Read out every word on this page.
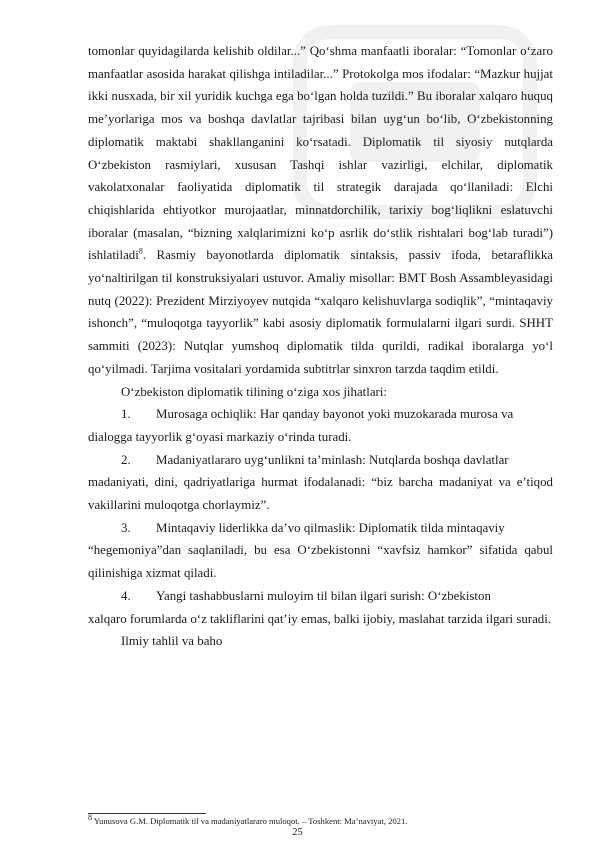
tomonlar quyidagilarda kelishib oldilar...” Qo‘shma manfaatli iboralar: “Tomonlar o‘zaro manfaatlar asosida harakat qilishga intiladilar...” Protokolga mos ifodalar: “Mazkur hujjat ikki nusxada, bir xil yuridik kuchga ega bo‘lgan holda tuzildi.” Bu iboralar xalqaro huquq me’yorlariga mos va boshqa davlatlar tajribasi bilan uyg‘un bo‘lib, O‘zbekistonning diplomatik maktabi shakllanganini ko‘rsatadi. Diplomatik til siyosiy nutqlarda O‘zbekiston rasmiylari, xususan Tashqi ishlar vazirligi, elchilar, diplomatik vakolatxonalar faoliyatida diplomatik til strategik darajada qo‘llaniladi: Elchi chiqishlarida ehtiyotkor murojaatlar, minnatdorchilik, tarixiy bog‘liqlikni eslatuvchi iboralar (masalan, “bizning xalqlarimizni ko‘p asrlik do‘stlik rishtalari bog‘lab turadi”) ishlatiladi$^8$. Rasmiy bayonotlarda diplomatik sintaksis, passiv ifoda, betaraflikka yo‘naltirilgan til konstruksiyalari ustuvor. Amaliy misollar: BMT Bosh Assambleyasidagi nutq (2022): Prezident Mirziyoyev nutqida “xalqaro kelishuvlarga sodiqlik”, “mintaqaviy ishonch”, “muloqotga tayyorlik” kabi asosiy diplomatik formulalarni ilgari surdi. SHHT sammiti (2023): Nutqlar yumshoq diplomatik tilda qurildi, radikal iboralarga yo‘l qo‘yilmadi. Tarjima vositalari yordamida subtitrlar sinxron tarzda taqdim etildi.

O‘zbekiston diplomatik tilining o‘ziga xos jihatlari:

1.	Murosaga ochiqlik: Har qanday bayonot yoki muzokarada murosa va

dialogga tayyorlik g‘oyasi markaziy o‘rinda turadi.

2.	Madaniyatlararo uyg‘unlikni ta’minlash: Nutqlarda boshqa davlatlar

madaniyati, dini, qadriyatlariga hurmat ifodalanadi: “biz barcha madaniyat va e’tiqod vakillarini muloqotga chorlaymiz”.

3.	Mintaqaviy liderlikka da’vo qilmaslik: Diplomatik tilda mintaqaviy

“hegemoniya”dan saqlaniladi, bu esa O‘zbekistonni “xavfsiz hamkor” sifatida qabul qilinishiga xizmat qiladi.

4.	Yangi tashabbuslarni muloyim til bilan ilgari surish: O‘zbekiston

xalqaro forumlarda o‘z takliflarini qat’iy emas, balki ijobiy, maslahat tarzida ilgari suradi.

Ilmiy tahlil va baho

$^8$ Yunusova G.M. Diplomatik til va madaniyatlararo muloqot. – Toshkent: Ma’naviyat, 2021.
25
